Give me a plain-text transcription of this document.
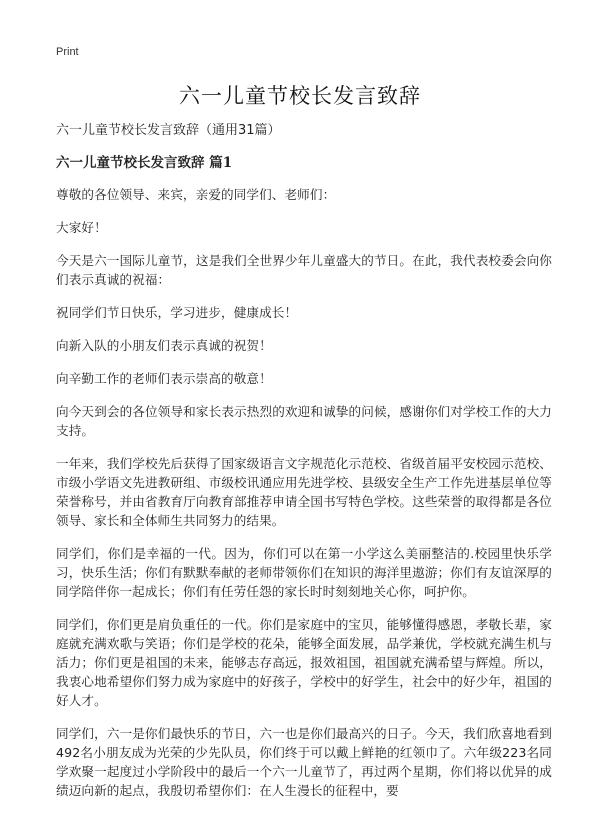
Print
六一儿童节校长发言致辞

六一儿童节校长发言致辞（通用31篇）

六一儿童节校长发言致辞 篇1

尊敬的各位领导、来宾，亲爱的同学们、老师们：

大家好！

今天是六一国际儿童节，这是我们全世界少年儿童盛大的节日。在此，我代表校委会向你们表示真诚的祝福：

祝同学们节日快乐，学习进步，健康成长！

向新入队的小朋友们表示真诚的祝贺！

向辛勤工作的老师们表示崇高的敬意！

向今天到会的各位领导和家长表示热烈的欢迎和诚挚的问候，感谢你们对学校工作的大力支持。

一年来，我们学校先后获得了国家级语言文字规范化示范校、省级首届平安校园示范校、市级小学语文先进教研组、市级校讯通应用先进学校、县级安全生产工作先进基层单位等荣誉称号，并由省教育厅向教育部推荐申请全国书写特色学校。这些荣誉的取得都是各位领导、家长和全体师生共同努力的结果。

同学们，你们是幸福的一代。因为，你们可以在第一小学这么美丽整洁的.校园里快乐学习，快乐生活；你们有默默奉献的老师带领你们在知识的海洋里遨游；你们有友谊深厚的同学陪伴你一起成长；你们有任劳任怨的家长时时刻刻地关心你，呵护你。

同学们，你们更是肩负重任的一代。你们是家庭中的宝贝，能够懂得感恩，孝敬长辈，家庭就充满欢歌与笑语；你们是学校的花朵，能够全面发展，品学兼优，学校就充满生机与活力；你们更是祖国的未来，能够志存高远，报效祖国，祖国就充满希望与辉煌。所以，我衷心地希望你们努力成为家庭中的好孩子，学校中的好学生，社会中的好少年，祖国的好人才。

同学们，六一是你们最快乐的节日，六一也是你们最高兴的日子。今天，我们欣喜地看到492名小朋友成为光荣的少先队员，你们终于可以戴上鲜艳的红领巾了。六年级223名同学欢聚一起度过小学阶段中的最后一个六一儿童节了，再过两个星期，你们将以优异的成绩迈向新的起点，我殷切希望你们：在人生漫长的征程中，要
